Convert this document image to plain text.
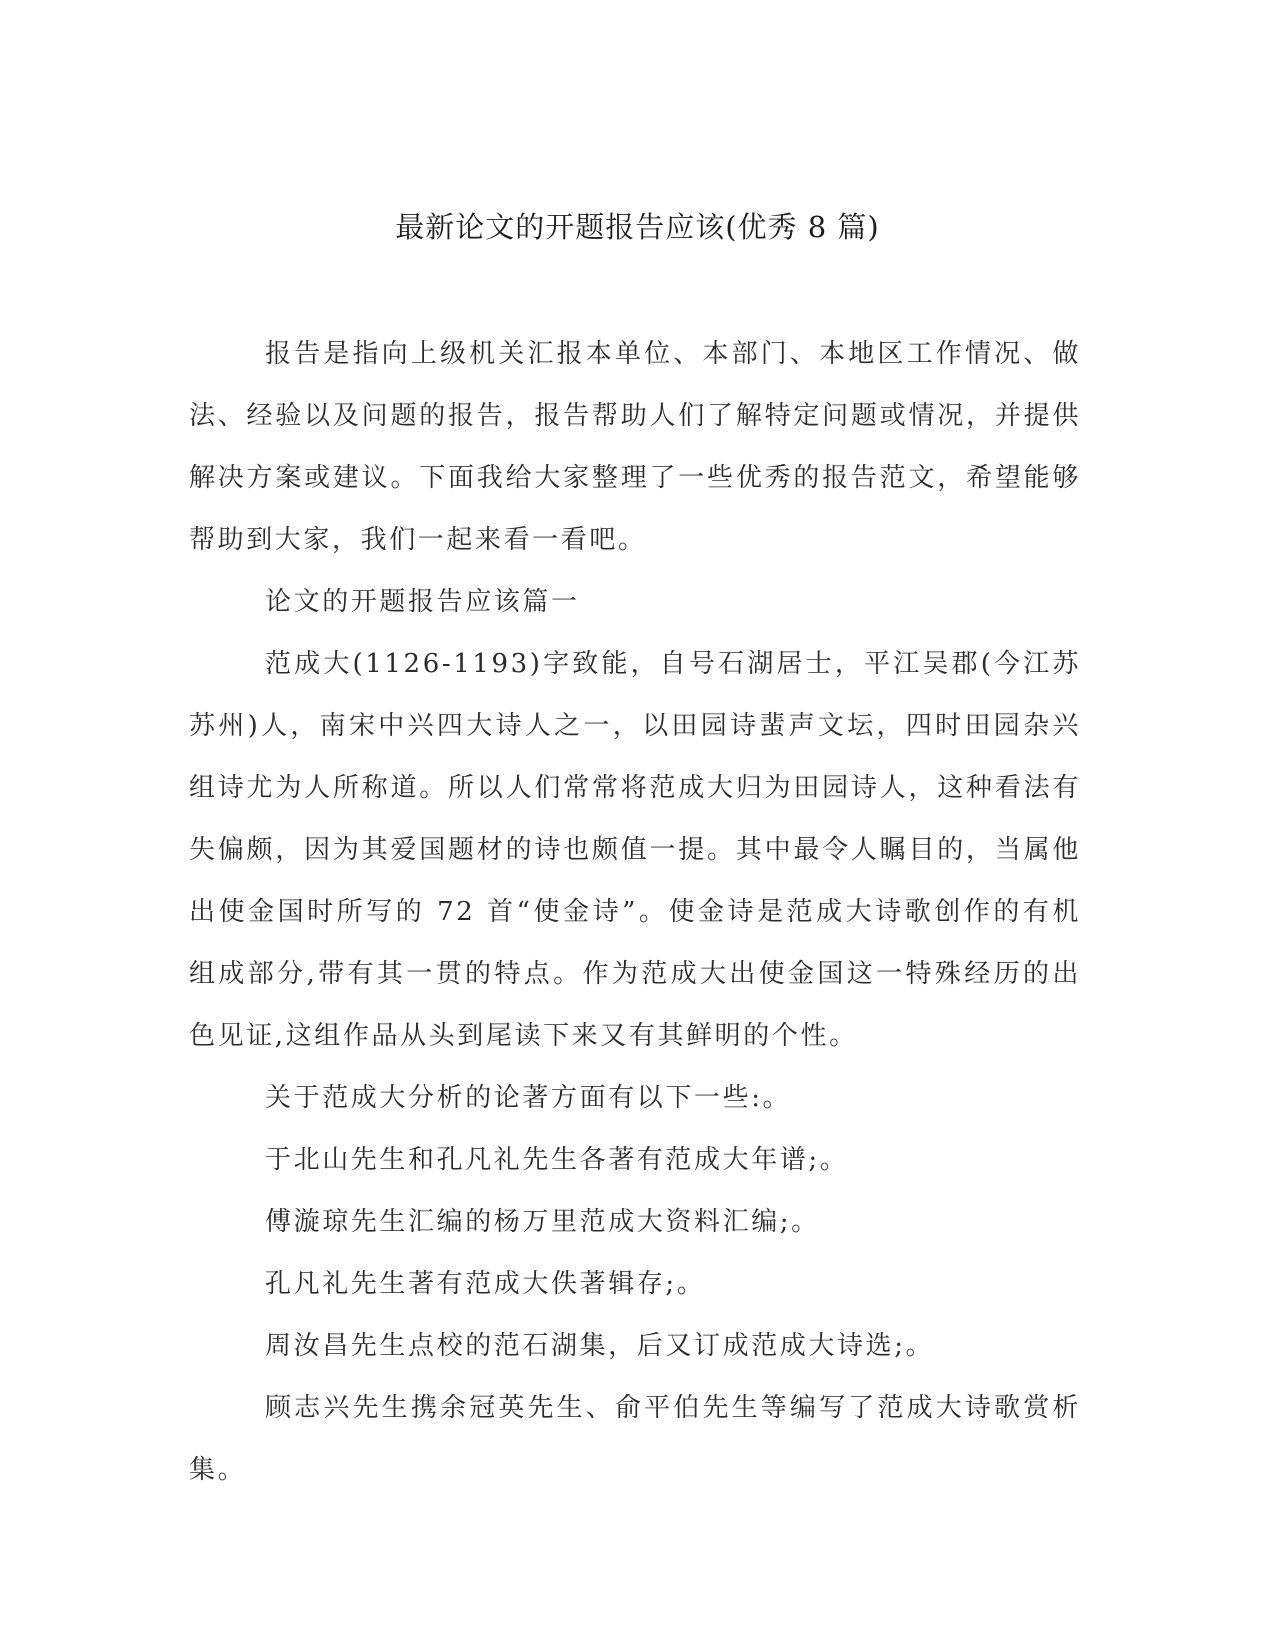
最新论文的开题报告应该(优秀 8 篇)

报告是指向上级机关汇报本单位、本部门、本地区工作情况、做法、经验以及问题的报告，报告帮助人们了解特定问题或情况，并提供解决方案或建议。下面我给大家整理了一些优秀的报告范文，希望能够帮助到大家，我们一起来看一看吧。

论文的开题报告应该篇一

范成大(1126-1193)字致能，自号石湖居士，平江吴郡(今江苏苏州)人，南宋中兴四大诗人之一，以田园诗蜚声文坛，四时田园杂兴组诗尤为人所称道。所以人们常常将范成大归为田园诗人，这种看法有失偏颇，因为其爱国题材的诗也颇值一提。其中最令人瞩目的，当属他出使金国时所写的 72 首“使金诗”。使金诗是范成大诗歌创作的有机组成部分,带有其一贯的特点。作为范成大出使金国这一特殊经历的出色见证,这组作品从头到尾读下来又有其鲜明的个性。

关于范成大分析的论著方面有以下一些:。

于北山先生和孔凡礼先生各著有范成大年谱;。

傅漩琼先生汇编的杨万里范成大资料汇编;。

孔凡礼先生著有范成大佚著辑存;。

周汝昌先生点校的范石湖集，后又订成范成大诗选;。

顾志兴先生携余冠英先生、俞平伯先生等编写了范成大诗歌赏析集。
